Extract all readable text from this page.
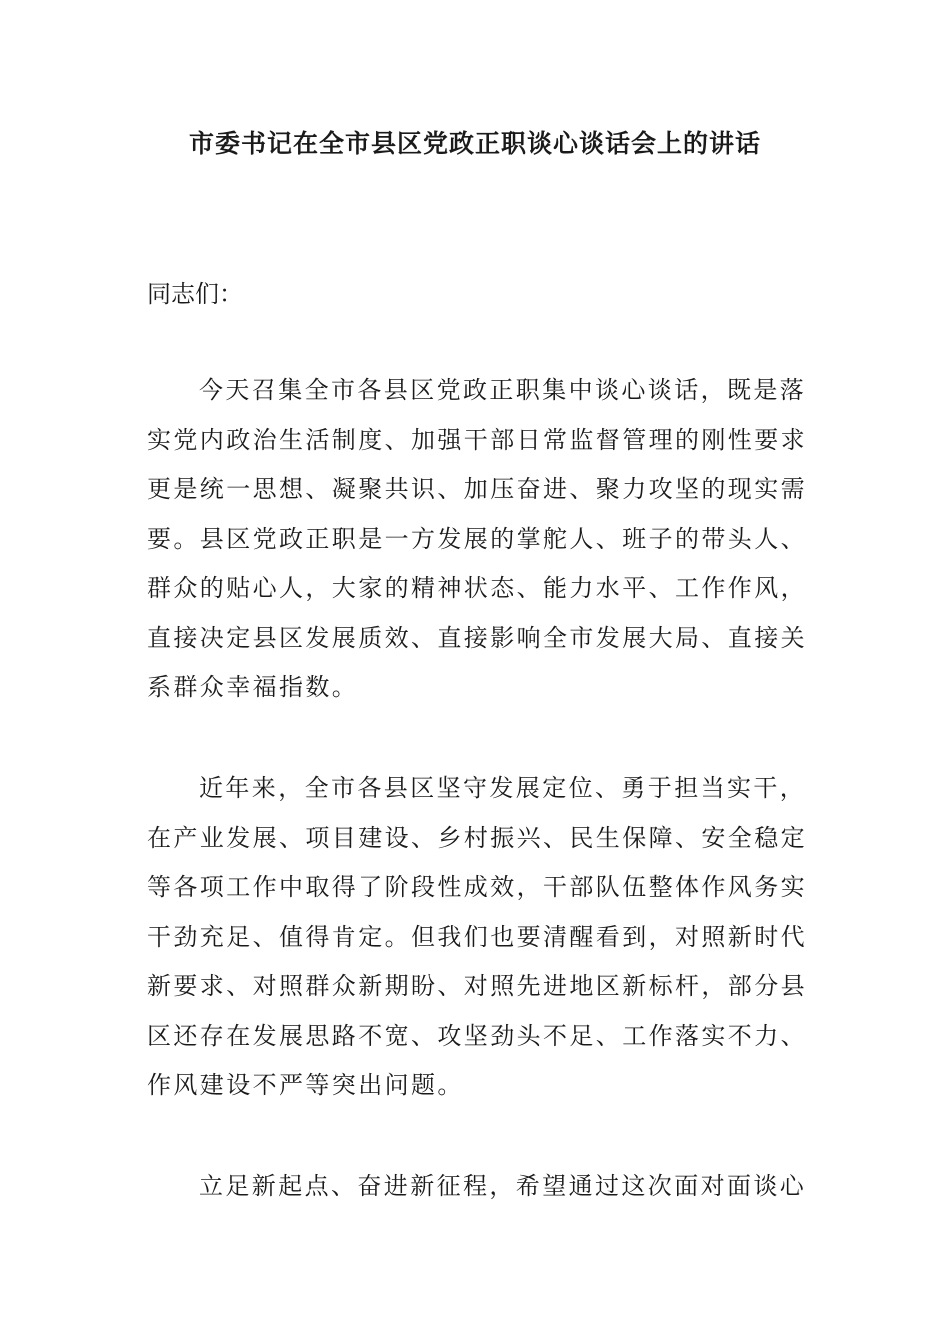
市委书记在全市县区党政正职谈心谈话会上的讲话

同志们：

今天召集全市各县区党政正职集中谈心谈话，既是落实党内政治生活制度、加强干部日常监督管理的刚性要求更是统一思想、凝聚共识、加压奋进、聚力攻坚的现实需要。县区党政正职是一方发展的掌舵人、班子的带头人、群众的贴心人，大家的精神状态、能力水平、工作作风，直接决定县区发展质效、直接影响全市发展大局、直接关系群众幸福指数。

近年来，全市各县区坚守发展定位、勇于担当实干，在产业发展、项目建设、乡村振兴、民生保障、安全稳定等各项工作中取得了阶段性成效，干部队伍整体作风务实干劲充足、值得肯定。但我们也要清醒看到，对照新时代新要求、对照群众新期盼、对照先进地区新标杆，部分县区还存在发展思路不宽、攻坚劲头不足、工作落实不力、作风建设不严等突出问题。

立足新起点、奋进新征程，希望通过这次面对面谈心
